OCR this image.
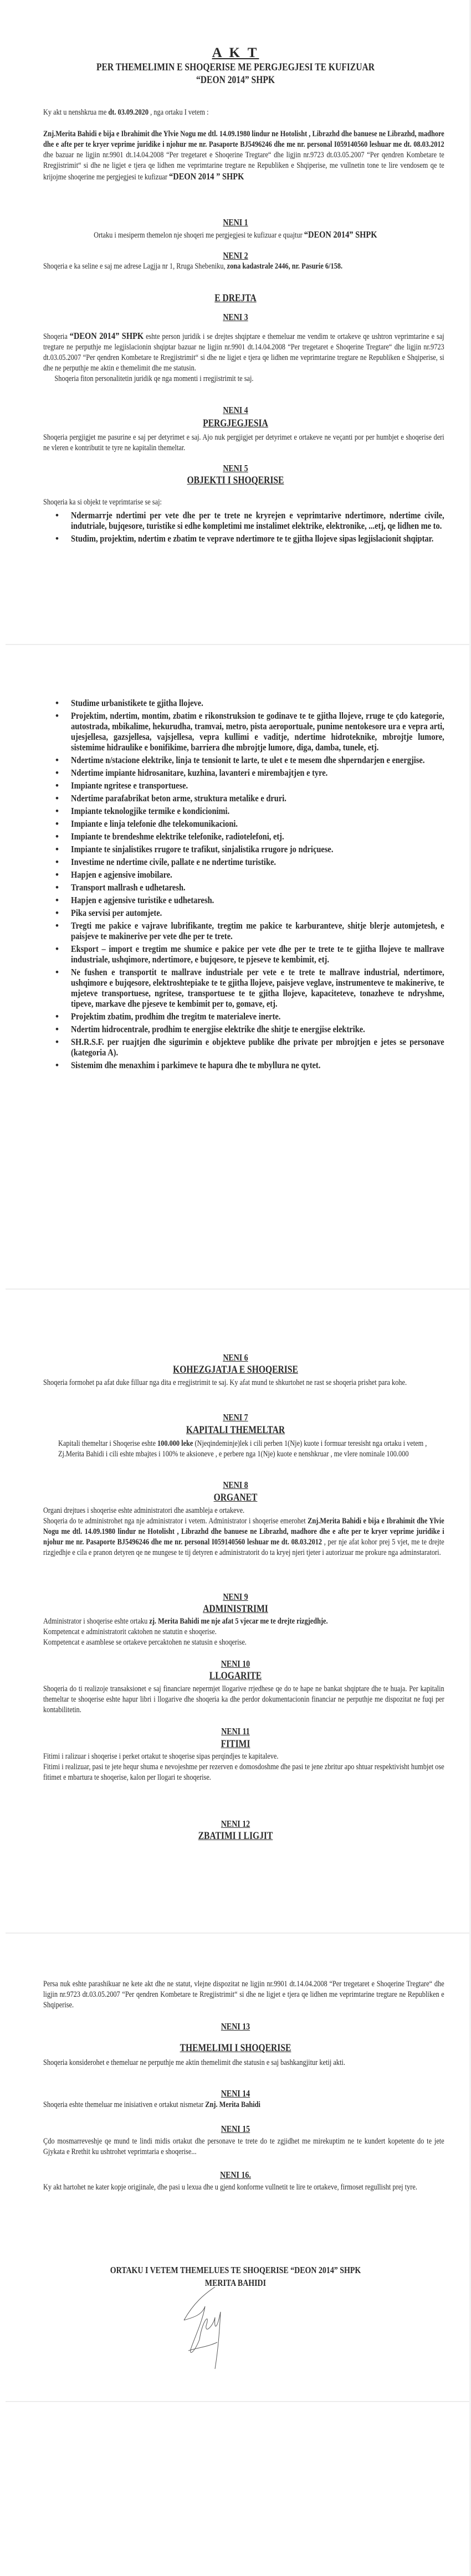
A K T
PER THEMELIMIN E SHOQERISE ME PERGJEGJESI TE KUFIZUAR
“DEON 2014” SHPK
Ky akt u nenshkrua me dt. 03.09.2020 , nga ortaku I vetem :
Znj.Merita Bahidi e bija e Ibrahimit dhe Ylvie Nogu me dtl. 14.09.1980 lindur ne Hotolisht , Librazhd dhe banuese ne Librazhd, madhore dhe e afte per te kryer veprime juridike i njohur me nr. Pasaporte BJ5496246 dhe me nr. personal I059140560 leshuar me dt. 08.03.2012 dhe bazuar ne ligjin nr.9901 dt.14.04.2008 “Per tregetaret e Shoqerine Tregtare“ dhe ligjin nr.9723 dt.03.05.2007 “Per qendren Kombetare te Rregjistrimit“ si dhe ne ligjet e tjera qe lidhen me veprimtarine tregtare ne Republiken e Shqiperise, me vullnetin tone te lire vendosem qe te krijojme shoqerine me pergjegjesi te kufizuar “DEON 2014 ” SHPK
NENI 1
Ortaku i mesiperm themelon nje shoqeri me pergjegjesi te kufizuar e quajtur “DEON 2014” SHPK
NENI 2
Shoqeria e ka seline e saj me adrese Lagjja nr 1, Rruga Shebeniku, zona kadastrale 2446, nr. Pasurie 6/158.
E DREJTA
NENI 3
Shoqeria “DEON 2014” SHPK eshte person juridik i se drejtes shqiptare e themeluar me vendim te ortakeve qe ushtron veprimtarine e saj tregtare ne perputhje me legjislacionin shqiptar bazuar ne ligjin nr.9901 dt.14.04.2008 “Per tregetaret e Shoqerine Tregtare“ dhe ligjin nr.9723 dt.03.05.2007 “Per qendren Kombetare te Rregjistrimit“ si dhe ne ligjet e tjera qe lidhen me veprimtarine tregtare ne Republiken e Shqiperise, si dhe ne perputhje me aktin e themelimit dhe me statusin.
Shoqeria fiton personalitetin juridik qe nga momenti i rregjistrimit te saj.
NENI 4
PERGJEGJESIA
Shoqeria pergjigjet me pasurine e saj per detyrimet e saj. Ajo nuk pergjigjet per detyrimet e ortakeve ne veçanti por per humbjet e shoqerise deri ne vleren e kontributit te tyre ne kapitalin themeltar.
NENI 5
OBJEKTI I SHOQERISE
Shoqeria ka si objekt te veprimtarise se saj:
• Ndermarrje ndertimi per vete dhe per te trete ne kryrejen e veprimtarive ndertimore, ndertime civile, indutriale, bujqesore, turistike si edhe kompletimi me instalimet elektrike, elektronike, ...etj, qe lidhen me to.
• Studim, projektim, ndertim e zbatim te veprave ndertimore te te gjitha llojeve sipas legjislacionit shqiptar.
• Studime urbanistikete te gjitha llojeve.
• Projektim, ndertim, montim, zbatim e rikonstruksion te godinave te te gjitha llojeve, rruge te çdo kategorie, autostrada, mbikalime, hekurudha, tramvai, metro, pista aeroportuale, punime nentokesore ura e vepra arti, ujesjellesa, gazsjellesa, vajsjellesa, vepra kullimi e vaditje, ndertime hidroteknike, mbrojtje lumore, sistemime hidraulike e bonifikime, barriera dhe mbrojtje lumore, diga, damba, tunele, etj.
• Ndertime n/stacione elektrike, linja te tensionit te larte, te ulet e te mesem dhe shperndarjen e energjise.
• Ndertime impiante hidrosanitare, kuzhina, lavanteri e mirembajtjen e tyre.
• Impiante ngritese e transportuese.
• Ndertime parafabrikat beton arme, struktura metalike e druri.
• Impiante teknologjike termike e kondicionimi.
• Impiante e linja telefonie dhe telekomunikacioni.
• Impiante te brendeshme elektrike telefonike, radiotelefoni, etj.
• Impiante te sinjalistikes rrugore te trafikut, sinjalistika rrugore jo ndriçuese.
• Investime ne ndertime civile, pallate e ne ndertime turistike.
• Hapjen e agjensive imobilare.
• Transport mallrash e udhetaresh.
• Hapjen e agjensive turistike e udhetaresh.
• Pika servisi per automjete.
• Tregti me pakice e vajrave lubrifikante, tregtim me pakice te karburanteve, shitje blerje automjetesh, e paisjeve te makinerive per vete dhe per te trete.
• Eksport – import e tregtim me shumice e pakice per vete dhe per te trete te te gjitha llojeve te mallrave industriale, ushqimore, ndertimore, e bujqesore, te pjeseve te kembimit, etj.
• Ne fushen e transportit te mallrave industriale per vete e te trete te mallrave industrial, ndertimore, ushqimore e bujqesore, elektroshtepiake te te gjitha llojeve, paisjeve veglave, instrumenteve te makinerive, te mjeteve transportuese, ngritese, transportuese te te gjitha llojeve, kapaciteteve, tonazheve te ndryshme, tipeve, markave dhe pjeseve te kembimit per to, gomave, etj.
• Projektim zbatim, prodhim dhe tregitm te materialeve inerte.
• Ndertim hidrocentrale, prodhim te energjise elektrike dhe shitje te energjise elektrike.
• SH.R.S.F. per ruajtjen dhe sigurimin e objekteve publike dhe private per mbrojtjen e jetes se personave (kategoria A).
• Sistemim dhe menaxhim i parkimeve te hapura dhe te mbyllura ne qytet.
NENI 6
KOHEZGJATJA E SHOQERISE
Shoqeria formohet pa afat duke filluar nga dita e rregjistrimit te saj. Ky afat mund te shkurtohet ne rast se shoqeria prishet para kohe.
NENI 7
KAPITALI THEMELTAR
Kapitali themeltar i Shoqerise eshte 100.000 leke (Njeqindeminje)lek i cili perben 1(Nje) kuote i formuar teresisht nga ortaku i vetem , Zj.Merita Bahidi i cili eshte mbajtes i 100% te aksioneve , e perbere nga 1(Nje) kuote e nenshkruar , me vlere nominale 100.000
NENI 8
ORGANET
Organi drejtues i shoqerise eshte administratori dhe asambleja e ortakeve.
Shoqeria do te administrohet nga nje administrator i vetem. Administrator i shoqerise emerohet Znj.Merita Bahidi e bija e Ibrahimit dhe Ylvie Nogu me dtl. 14.09.1980 lindur ne Hotolisht , Librazhd dhe banuese ne Librazhd, madhore dhe e afte per te kryer veprime juridike i njohur me nr. Pasaporte BJ5496246 dhe me nr. personal I059140560 leshuar me dt. 08.03.2012 , per nje afat kohor prej 5 vjet, me te drejte rizgjedhje e cila e pranon detyren qe ne mungese te tij detyren e administratorit do ta kryej njeri tjeter i autorizuar me prokure nga adminstaratori.
NENI 9
ADMINISTRIMI
Administrator i shoqerise eshte ortaku zj. Merita Bahidi me nje afat 5 vjecar me te drejte rizgjedhje.
Kompetencat e administratorit caktohen ne statutin e shoqerise.
Kompetencat e asamblese se ortakeve percaktohen ne statusin e shoqerise.
NENI 10
LLOGARITE
Shoqeria do ti realizoje transaksionet e saj financiare nepermjet llogarive rrjedhese qe do te hape ne bankat shqiptare dhe te huaja. Per kapitalin themeltar te shoqerise eshte hapur libri i llogarive dhe shoqeria ka dhe perdor dokumentacionin financiar ne perputhje me dispozitat ne fuqi per kontabilitetin.
NENI 11
FITIMI
Fitimi i ralizuar i shoqerise i perket ortakut te shoqerise sipas perqindjes te kapitaleve.
Fitimi i realizuar, pasi te jete hequr shuma e nevojeshme per rezerven e domosdoshme dhe pasi te jene zbritur apo shtuar respektivisht humbjet ose fitimet e mbartura te shoqerise, kalon per llogari te shoqerise.
NENI 12
ZBATIMI I LIGJIT
Persa nuk eshte parashikuar ne kete akt dhe ne statut, vlejne dispozitat ne ligjin nr.9901 dt.14.04.2008 “Per tregetaret e Shoqerine Tregtare“ dhe ligjin nr.9723 dt.03.05.2007 “Per qendren Kombetare te Rregjistrimit“ si dhe ne ligjet e tjera qe lidhen me veprimtarine tregtare ne Republiken e Shqiperise.
NENI 13
THEMELIMI I SHOQERISE
Shoqeria konsiderohet e themeluar ne perputhje me aktin themelimit dhe statusin e saj bashkangjitur ketij akti.
NENI 14
Shoqeria eshte themeluar me inisiativen e ortakut nismetar Znj. Merita Bahidi
NENI 15
Çdo mosmarreveshje qe mund te lindi midis ortakut dhe personave te trete do te zgjidhet me mirekuptim ne te kundert kopetente do te jete Gjykata e Rrethit ku ushtrohet veprimtaria e shoqerise...
NENI 16.
Ky akt hartohet ne kater kopje origjinale, dhe pasi u lexua dhe u gjend konforme vullnetit te lire te ortakeve, firmoset regullisht prej tyre.
ORTAKU I VETEM THEMELUES TE SHOQERISE “DEON 2014” SHPK
MERITA BAHIDI
